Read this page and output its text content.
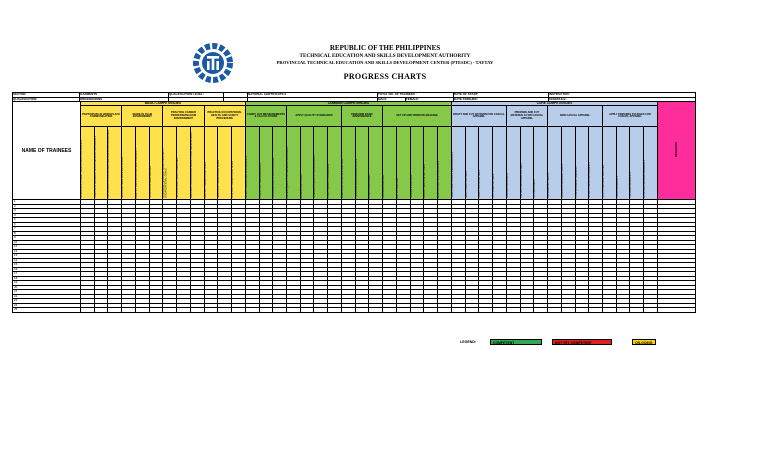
REPUBLIC OF THE PHILIPPINES
TECHNICAL EDUCATION AND SKILLS DEVELOPMENT AUTHORITY
PROVINCIAL TECHNICAL EDUCATION AND SKILLS DEVELOPMENT CENTER (PTESDC) - TAYTAY
PROGRESS CHARTS
SECTOR:	GARMENTS	QUALIFICATION LEVEL:		NATIONAL CERTIFICATE II	TOTAL NO. OF TRAINEES :		DATE OF START:	INSTRUCTOR:
QUALIFICATION:	DRESSMAKING				MALE	FEMALE	DATE FINISHED:	SCHEDULE:
NAME OF TRAINEES	BASIC COMPETENCIES												COMMON COMPETENCIES															CORE COMPETENCIES															REMARKS
	PARTICIPATE IN WORKPLACE COMMUNICATION			WORK IN TEAM ENVIRONMENT			PRACTICE CAREER PROFESSIONALISM ENVIRONMENT			PRACTICE OCCUPATIONAL HEALTH AND SAFETY PROCEDURE			CARRY OUT MEASUREMENTS & CALCULATIONS			APPLY QUALITY STANDARDS				PERFORM BASIC MAINTENANCE			SET UP AND OPERATE MACHINE					DRAFT AND CUT PATTERN FOR CASUAL APPAREL				PREPARE AND CUT MATERIALS FOR CASUAL APPAREL			SEW CASUAL APPAREL				APPLY FINISHING TOUCHES FOR CASUAL APPAREL				
	OBTAIN AND CONVEY WORKPLACE INFORMATION	COMPLETE RELEVANT WORK RELATED DOCUMENTS	PARTICIPATE IN WORKPLACE MEETINGS AND DISCUSSION	DESCRIBE TEAM ROLE AND SCOPE	IDENTIFY OWN ROLE AND RESPONSIBILITY	WORK AS A TEAM MEMBER	INTEGRATE PERSONAL OBJECTIVES WITH ORGANIZATIONAL GOALS	SET AND MEET WORK PRIORITIES	MAINTAIN PROFESSIONAL GROWTH AND DEVELOPMENT	IDENTIFY HAZARDS AND RISKS	EVALUATE HAZARDS AND RISKS	CONTROL HAZARDS AND RISKS	SELECT MEASURING INSTRUMENTS	CARRY OUT MEASUREMENTS	PERFORM SIMPLE CALCULATIONS	ASSESS QUALITY OF RECEIVED MATERIALS	ASSESS OWN WORK	ENGAGE IN QUALITY IMPROVEMENT	STUDY QUALITY STANDARDS	CLEAN AND LUBRICATE MACHINE	PERFORM MINOR ADJUSTMENTS	CLEAN WORK AREA	PREPARE MACHINE	SET UP MACHINE	OPERATE MACHINE	ADJUST MACHINE SETTINGS	MONITOR MACHINE OPERATION	TAKE CLIENT'S BODY MEASUREMENTS	DRAFT BASIC PATTERN	DRAFT STYLE PATTERN	CUT FINAL PATTERN	PREPARE MATERIALS	LAY OUT AND MARK PATTERN	CUT MATERIALS	PREPARE CUT PARTS	ASSEMBLE GARMENT PARTS	FIT AND ADJUST GARMENT	ATTACH FINISHING ELEMENTS	APPLY FINISHING TOUCHES	PRESS GARMENTS	PACKAGE GARMENTS	FOLD AND PACKAGE GARMENTS	
1																																											
2																																											
3																																											
4																																											
5																																											
6																																											
7																																											
8																																											
9																																											
10																																											
11																																											
12																																											
13																																											
14																																											
15																																											
16																																											
17																																											
18																																											
19																																											
20																																											
21																																											
22																																											
23																																											
24																																											
25																																											
LEGEND:	COMPETENT	NOT YET COMPETENT	ON-GOING
